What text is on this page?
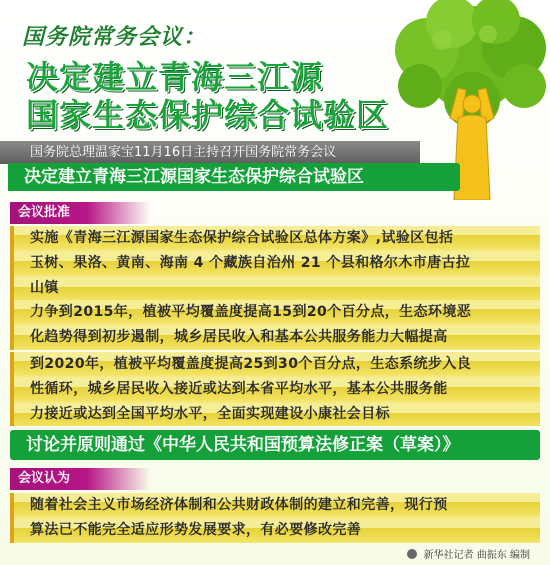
国务院常务会议：
决定建立青海三江源
国家生态保护综合试验区
国务院总理温家宝11月16日主持召开国务院常务会议
决定建立青海三江源国家生态保护综合试验区
会议批准
实施《青海三江源国家生态保护综合试验区总体方案》,试验区包括
玉树、果洛、黄南、海南 4 个藏族自治州 21 个县和格尔木市唐古拉
山镇
力争到2015年，植被平均覆盖度提高15到20个百分点，生态环境恶
化趋势得到初步遏制，城乡居民收入和基本公共服务能力大幅提高
到2020年，植被平均覆盖度提高25到30个百分点，生态系统步入良
性循环，城乡居民收入接近或达到本省平均水平，基本公共服务能
力接近或达到全国平均水平，全面实现建设小康社会目标
讨论并原则通过《中华人民共和国预算法修正案（草案）》
会议认为
随着社会主义市场经济体制和公共财政体制的建立和完善，现行预
算法已不能完全适应形势发展要求，有必要修改完善
新华社记者 曲振东 编制
